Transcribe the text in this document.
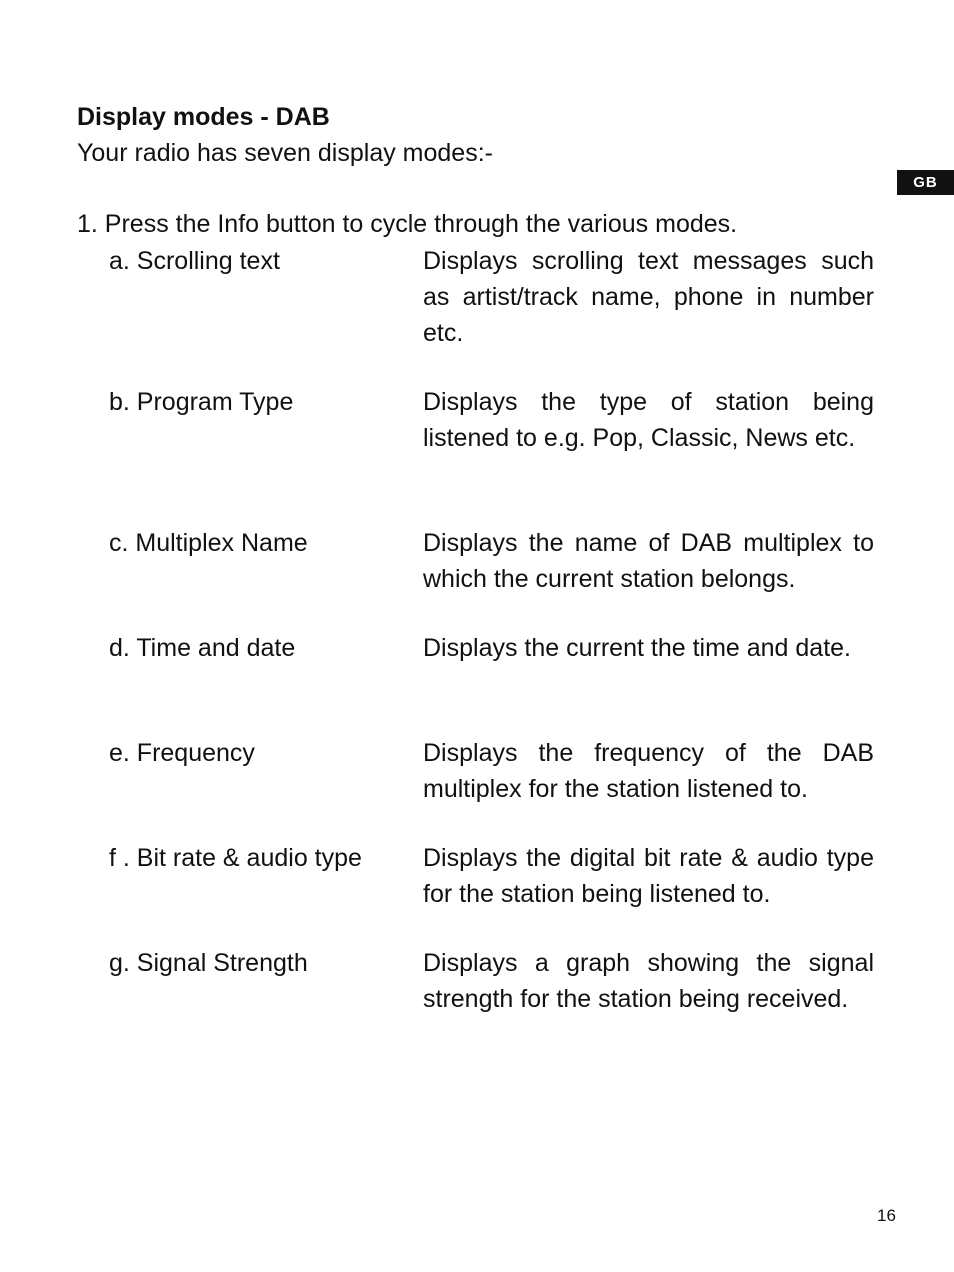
Display modes - DAB

Your radio has seven display modes:-

GB

1. Press the Info button to cycle through the various modes.

a. Scrolling text	Displays scrolling text messages such as artist/track name, phone in number etc.
b. Program Type	Displays the type of station being listened to e.g. Pop, Classic, News etc.
c. Multiplex Name	Displays the name of DAB multiplex to which the current station belongs.
d. Time and date	Displays the current the time and date.
e. Frequency	Displays the frequency of the DAB multiplex for the station listened to.
f . Bit rate & audio type Displays the digital bit rate & audio type for the station being listened to.
g. Signal Strength	Displays a graph showing the signal strength for the station being received.
16
